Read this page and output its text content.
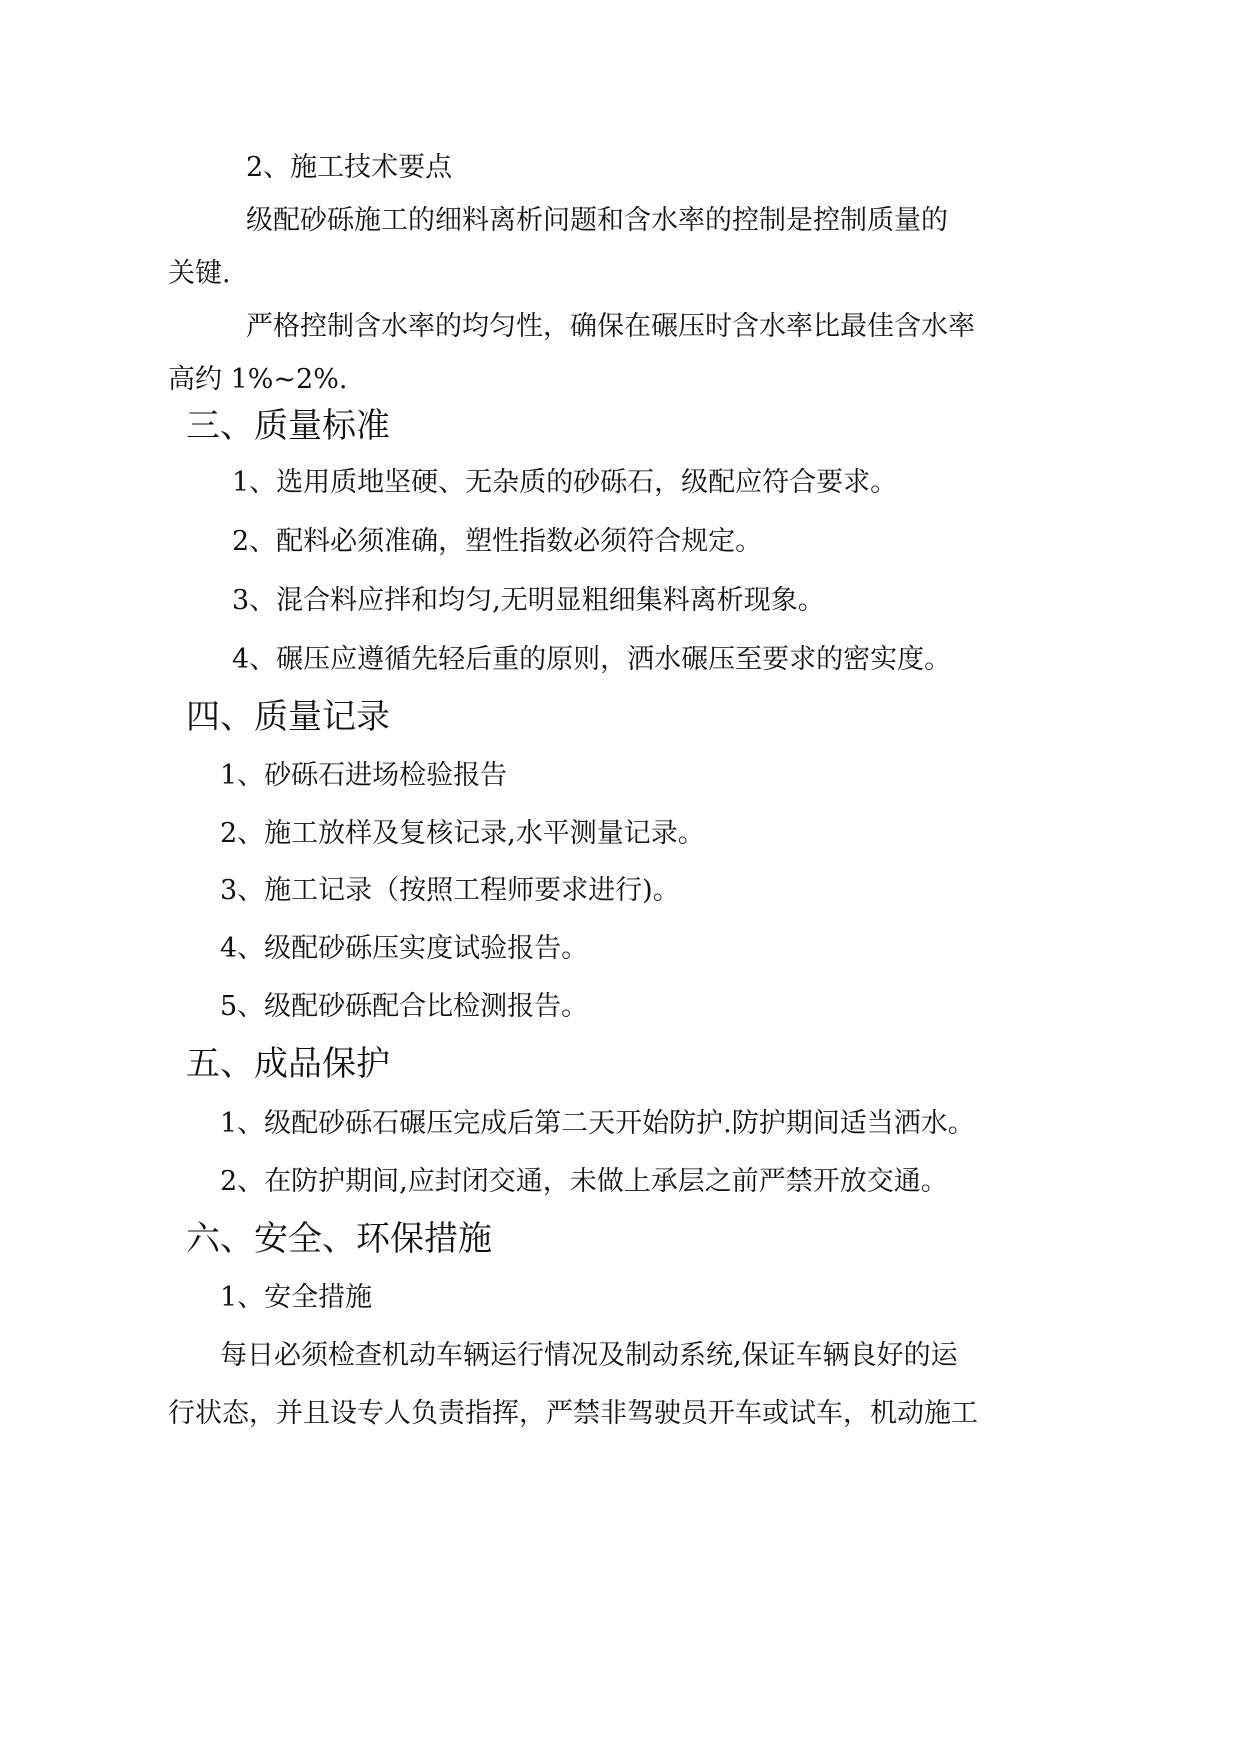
2、施工技术要点
级配砂砾施工的细料离析问题和含水率的控制是控制质量的
关键.
严格控制含水率的均匀性，确保在碾压时含水率比最佳含水率
高约 1%~2%.
三、质量标准
1、选用质地坚硬、无杂质的砂砾石，级配应符合要求。
2、配料必须准确，塑性指数必须符合规定。
3、混合料应拌和均匀,无明显粗细集料离析现象。
4、碾压应遵循先轻后重的原则，洒水碾压至要求的密实度。
四、质量记录
1、砂砾石进场检验报告
2、施工放样及复核记录,水平测量记录。
3、施工记录（按照工程师要求进行)。
4、级配砂砾压实度试验报告。
5、级配砂砾配合比检测报告。
五、成品保护
1、级配砂砾石碾压完成后第二天开始防护.防护期间适当洒水。
2、在防护期间,应封闭交通，未做上承层之前严禁开放交通。
六、安全、环保措施
1、安全措施
每日必须检查机动车辆运行情况及制动系统,保证车辆良好的运
行状态，并且设专人负责指挥，严禁非驾驶员开车或试车，机动施工
